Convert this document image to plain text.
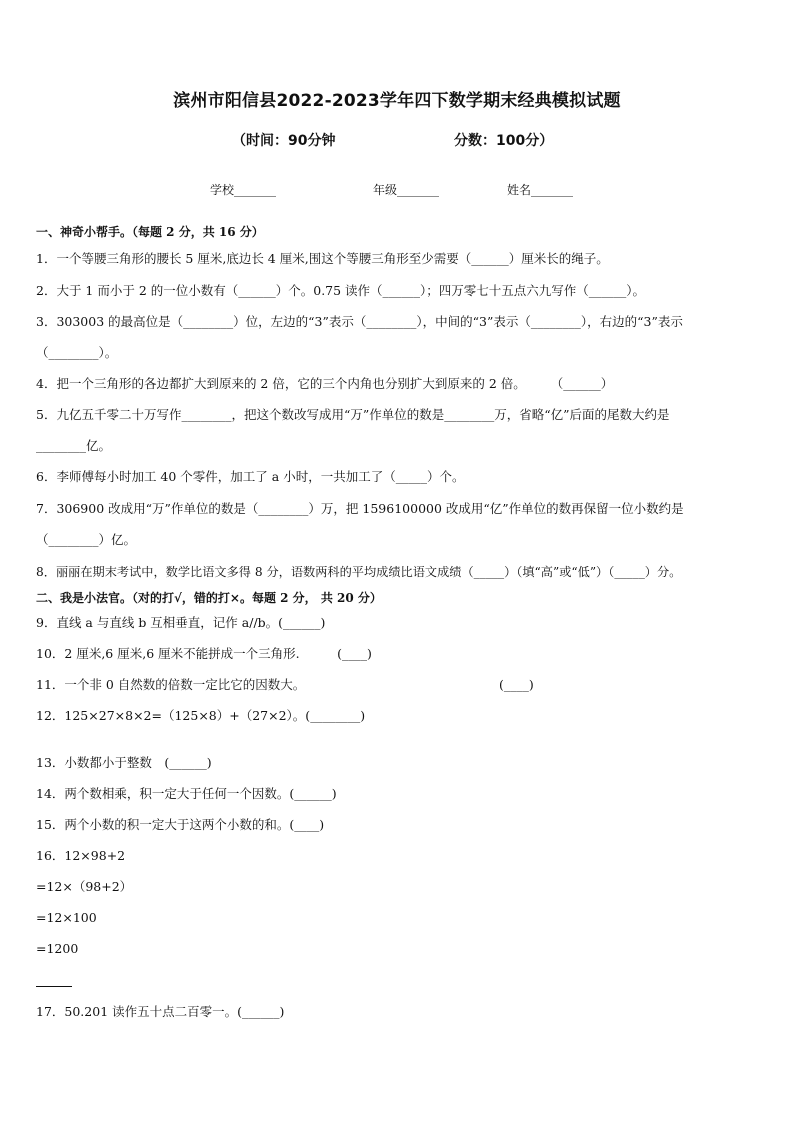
滨州市阳信县2022-2023学年四下数学期末经典模拟试题
（时间：90分钟	分数：100分）
学校_______	年级_______	姓名_______
一、神奇小帮手。（每题 2 分，共 16 分）
1．一个等腰三角形的腰长 5 厘米,底边长 4 厘米,围这个等腰三角形至少需要（______）厘米长的绳子。
2．大于 1 而小于 2 的一位小数有（______）个。0.75 读作（______）；四万零七十五点六九写作（______）。
3．303003 的最高位是（________）位，左边的“3”表示（________），中间的“3”表示（________），右边的“3”表示
（________）。
4．把一个三角形的各边都扩大到原来的 2 倍，它的三个内角也分别扩大到原来的 2 倍。　　　（______）
5．九亿五千零二十万写作________，把这个数改写成用“万”作单位的数是________万，省略“亿”后面的尾数大约是
________亿。
6．李师傅每小时加工 40 个零件，加工了 a 小时，一共加工了（_____）个。
7．306900 改成用“万”作单位的数是（________）万，把 1596100000 改成用“亿”作单位的数再保留一位小数约是
（________）亿。
8．丽丽在期末考试中，数学比语文多得 8 分，语数两科的平均成绩比语文成绩（_____）（填“高”或“低”）（_____）分。
二、我是小法官。（对的打√，错的打×。每题 2 分， 共 20 分）
9．直线 a 与直线 b 互相垂直，记作 a//b。(______)
10．2 厘米,6 厘米,6 厘米不能拼成一个三角形.　　　(____)
11．一个非 0 自然数的倍数一定比它的因数大。　　　　　　　　　　　　　　　　(____)
12．125×27×8×2=（125×8）+（27×2）。(________)
13．小数都小于整数　(______)
14．两个数相乘，积一定大于任何一个因数。(______)
15．两个小数的积一定大于这两个小数的和。(____)
16．12×98+2
=12×（98+2）
=12×100
=1200
17．50.201 读作五十点二百零一。(______)
